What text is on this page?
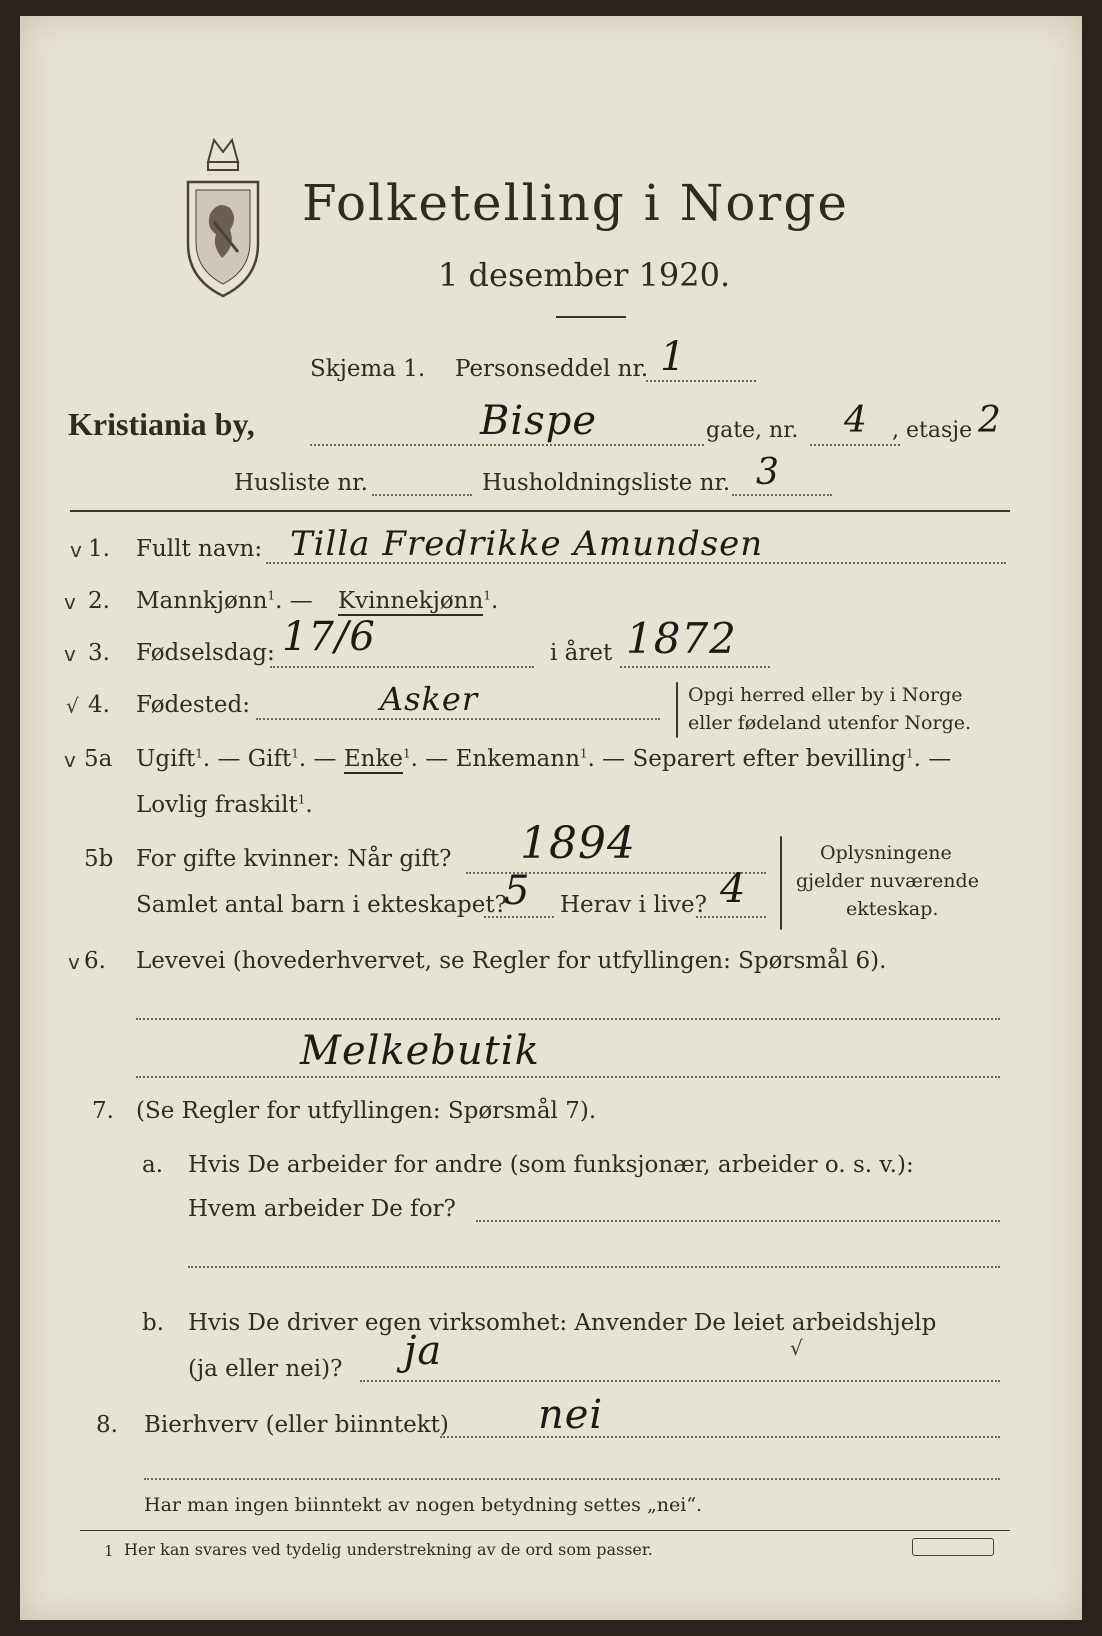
Folketelling i Norge
1 desember 1920.
Skjema 1. Personseddel nr. 1
Kristiania by,	Bispe	gate, nr. 4 , etasje 2
Husliste nr.	Husholdningsliste nr. 3
v 1. Fullt navn: Tilla Fredrikke Amundsen
v 2. Mannkjønn$^1$. — Kvinnekjønn$^1$.
v 3. Fødselsdag: 17/6	i året 1872
√ 4. Fødested:	Asker	Opgi herred eller by i Norge
eller fødeland utenfor Norge.
v 5a Ugift$^1$. — Gift$^1$. — Enke$^1$. — Enkemann$^1$. — Separert efter bevilling$^1$. —
Lovlig fraskilt$^1$.
5b For gifte kvinner: Når gift? 1894
Samlet antal barn i ekteskapet?
5 Herav i live? 4
Oplysningene
gjelder nuværende
ekteskap.
v 6. Levevei (hovederhvervet, se Regler for utfyllingen: Spørsmål 6).
Melkebutik
7. (Se Regler for utfyllingen: Spørsmål 7).
a. Hvis De arbeider for andre (som funksjonær, arbeider o. s. v.):
Hvem arbeider De for?
b. Hvis De driver egen virksomhet: Anvender De leiet arbeidshjelp
(ja eller nei)? ja	√
8. Bierhverv (eller biinntekt) nei
Har man ingen biinntekt av nogen betydning settes „nei“.
1 Her kan svares ved tydelig understrekning av de ord som passer.
